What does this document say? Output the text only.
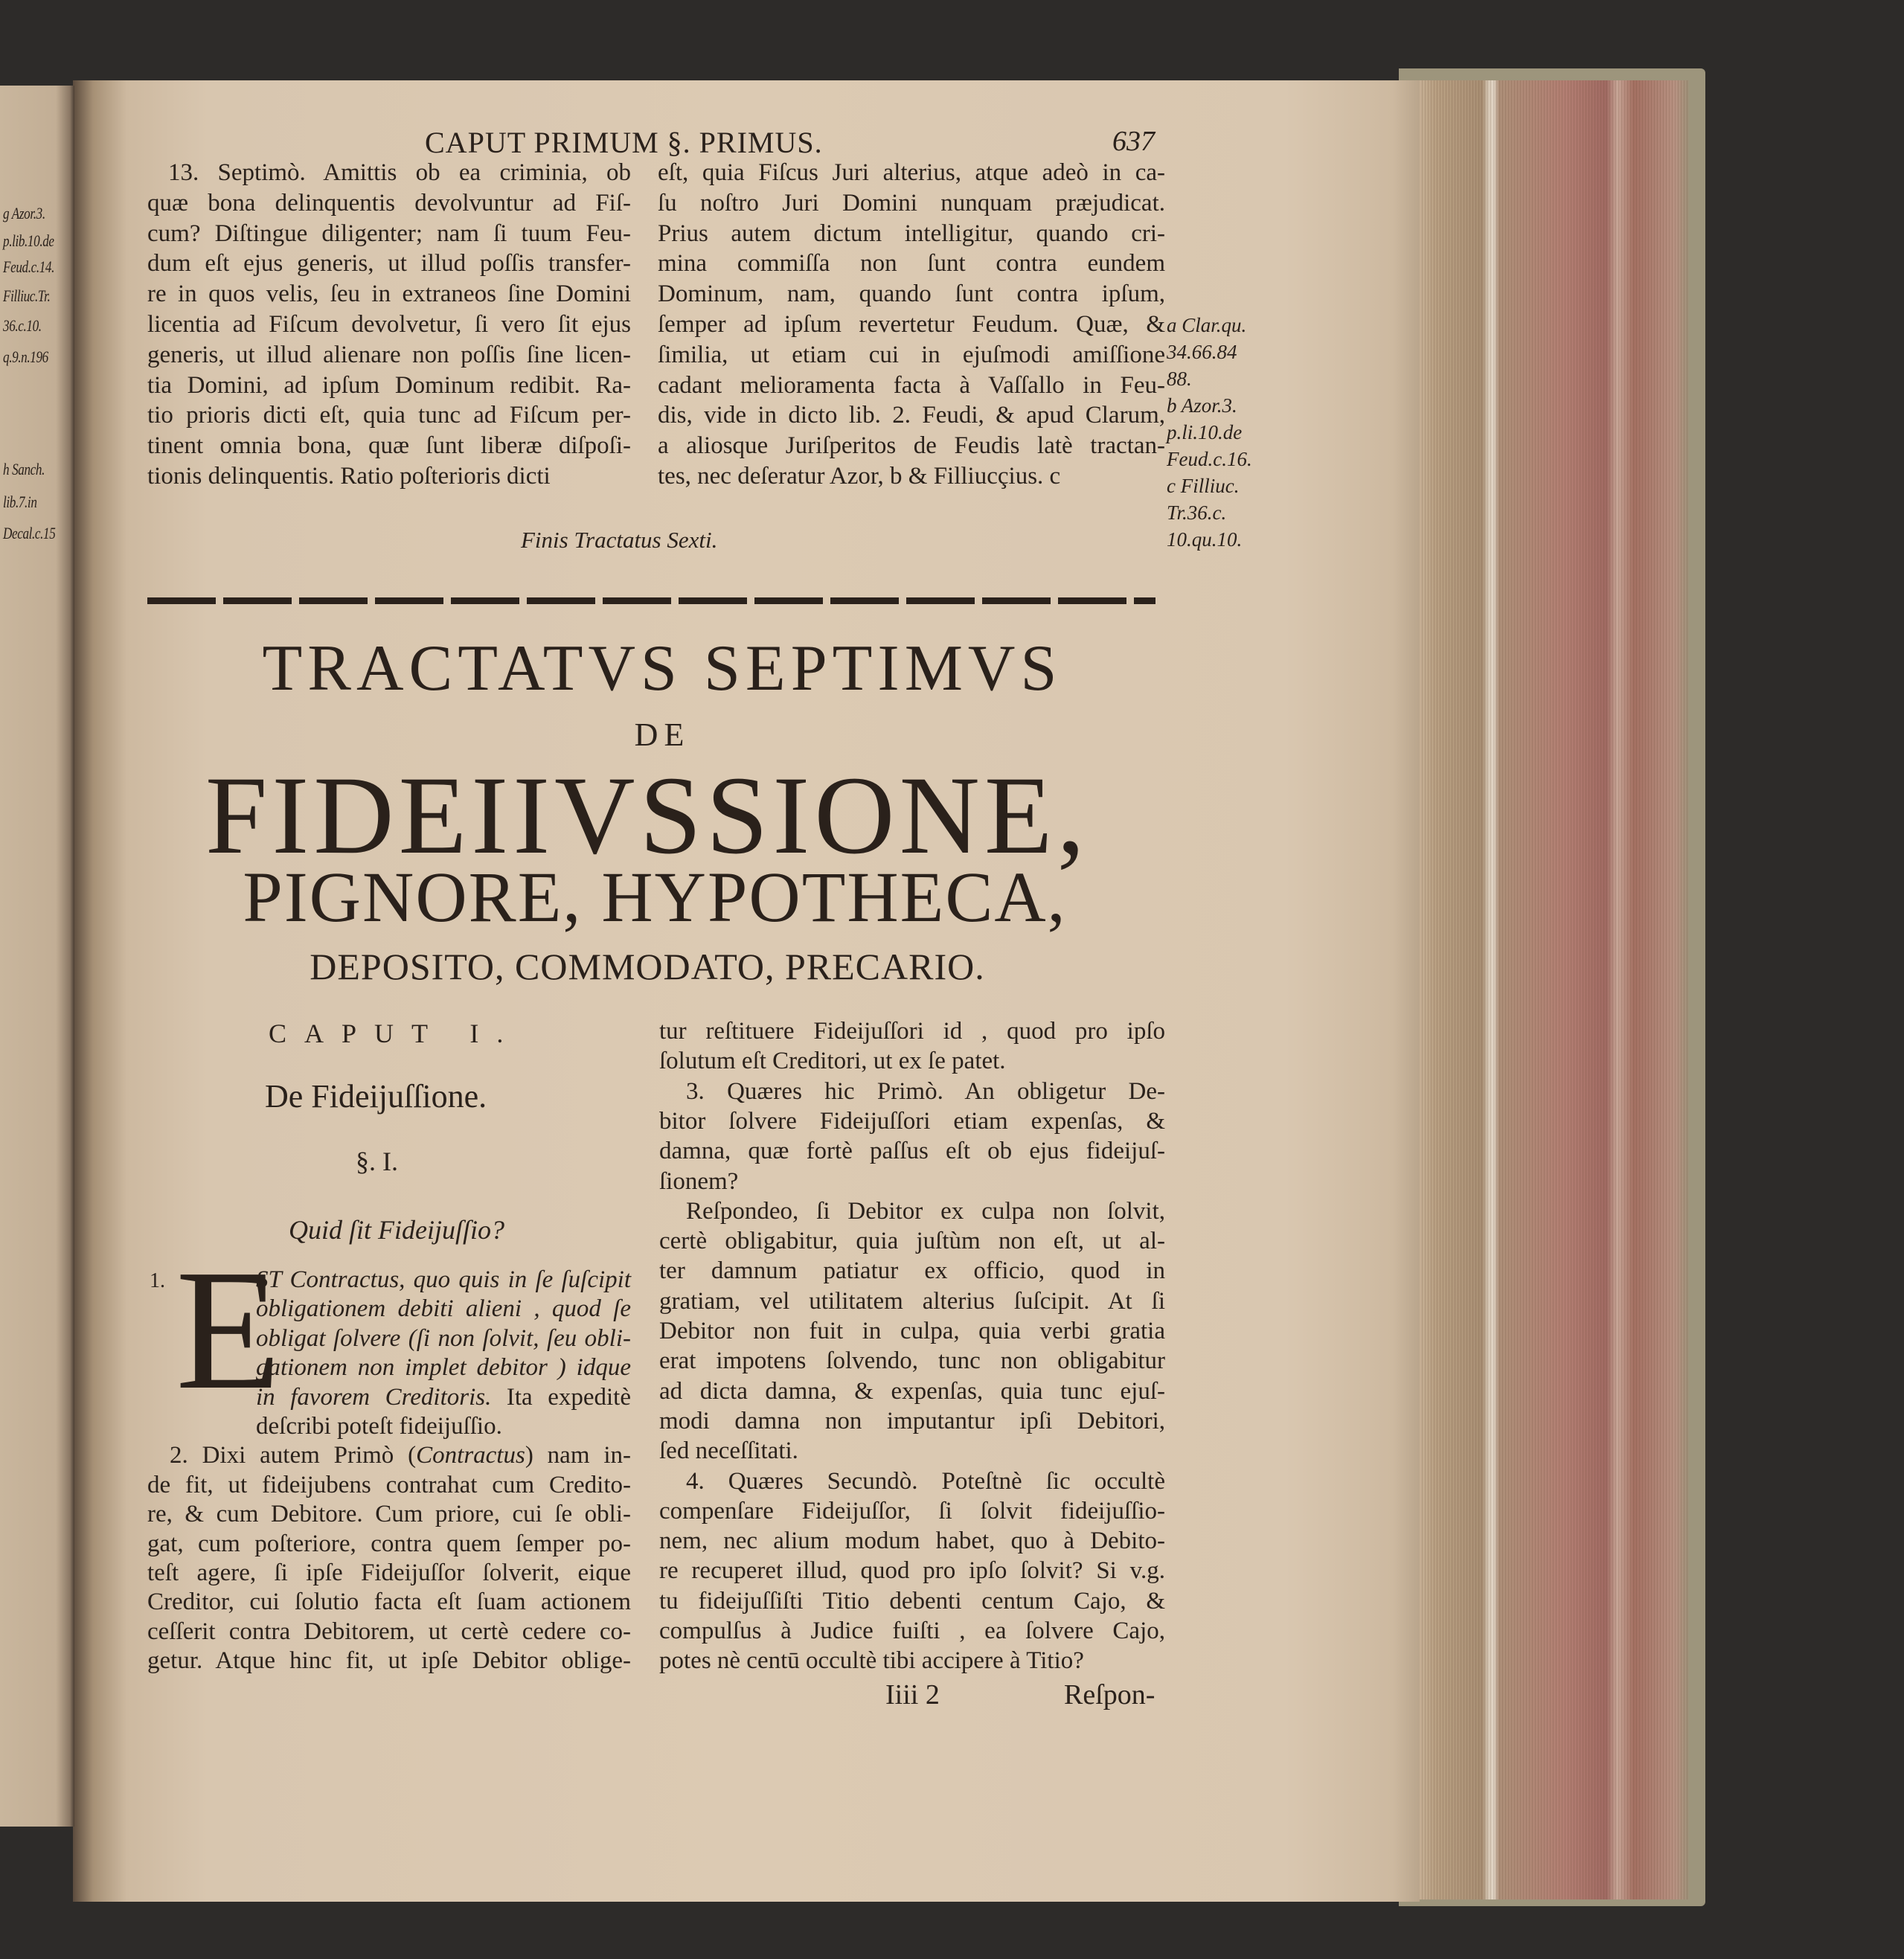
g Azor.3.
p.lib.10.de
Feud.c.14.
Filliuc.Tr.
36.c.10.
q.9.n.196
h Sanch.
lib.7.in
Decal.c.15
CAPUT PRIMUM §. PRIMUS.	637
13. Septimò. Amittis ob ea criminia, ob
quæ bona delinquentis devolvuntur ad Fiſ-
cum? Diſtingue diligenter; nam ſi tuum Feu-
dum eſt ejus generis, ut illud poſſis transfer-
re in quos velis, ſeu in extraneos ſine Domini
licentia ad Fiſcum devolvetur, ſi vero ſit ejus
generis, ut illud alienare non poſſis ſine licen-
tia Domini, ad ipſum Dominum redibit. Ra-
tio prioris dicti eſt, quia tunc ad Fiſcum per-
tinent omnia bona, quæ ſunt liberæ diſpoſi-
tionis delinquentis. Ratio poſterioris dicti
eſt, quia Fiſcus Juri alterius, atque adeò in ca-
ſu noſtro Juri Domini nunquam præjudicat.
Prius autem dictum intelligitur, quando cri-
mina commiſſa non ſunt contra eundem
Dominum, nam, quando ſunt contra ipſum,
ſemper ad ipſum revertetur Feudum. Quæ, &
ſimilia, ut etiam cui in ejuſmodi amiſſione
cadant melioramenta facta à Vaſſallo in Feu-
dis, vide in dicto lib. 2. Feudi, & apud Clarum,
a aliosque Juriſperitos de Feudis latè tractan-
tes, nec deſeratur Azor, b & Filliucçius. c
a Clar.qu.
34.66.84
88.
b Azor.3.
p.li.10.de
Feud.c.16.
c Filliuc.
Tr.36.c.
10.qu.10.
Finis Tractatus Sexti.
TRACTATVS SEPTIMVS
DE
FIDEIIVSSIONE,
PIGNORE, HYPOTHECA,
DEPOSITO, COMMODATO, PRECARIO.
CAPUT I.
De Fideijuſſione.
§. I.
Quid ſit Fideijuſſio?
1. E
ST Contractus, quo quis in ſe ſuſcipit
obligationem debiti alieni , quod ſe
obligat ſolvere (ſi non ſolvit, ſeu obli-
gationem non implet debitor ) idque
in favorem Creditoris. Ita expeditè
deſcribi poteſt fideijuſſio.
2. Dixi autem Primò (Contractus) nam in-
de fit, ut fideijubens contrahat cum Credito-
re, & cum Debitore. Cum priore, cui ſe obli-
gat, cum poſteriore, contra quem ſemper po-
teſt agere, ſi ipſe Fideijuſſor ſolverit, eique
Creditor, cui ſolutio facta eſt ſuam actionem
ceſſerit contra Debitorem, ut certè cedere co-
getur. Atque hinc fit, ut ipſe Debitor oblige-
tur reſtituere Fideijuſſori id , quod pro ipſo
ſolutum eſt Creditori, ut ex ſe patet.
3. Quæres hic Primò. An obligetur De-
bitor ſolvere Fideijuſſori etiam expenſas, &
damna, quæ fortè paſſus eſt ob ejus fideijuſ-
ſionem?
Reſpondeo, ſi Debitor ex culpa non ſolvit,
certè obligabitur, quia juſtùm non eſt, ut al-
ter damnum patiatur ex officio, quod in
gratiam, vel utilitatem alterius ſuſcipit. At ſi
Debitor non fuit in culpa, quia verbi gratia
erat impotens ſolvendo, tunc non obligabitur
ad dicta damna, & expenſas, quia tunc ejuſ-
modi damna non imputantur ipſi Debitori,
ſed neceſſitati.
4. Quæres Secundò. Poteſtnè ſic occultè
compenſare Fideijuſſor, ſi ſolvit fideijuſſio-
nem, nec alium modum habet, quo à Debito-
re recuperet illud, quod pro ipſo ſolvit? Si v.g.
tu fideijuſſiſti Titio debenti centum Cajo, &
compulſus à Judice fuiſti , ea ſolvere Cajo,
potes nè centū occultè tibi accipere à Titio?
Iiii 2	Reſpon-
